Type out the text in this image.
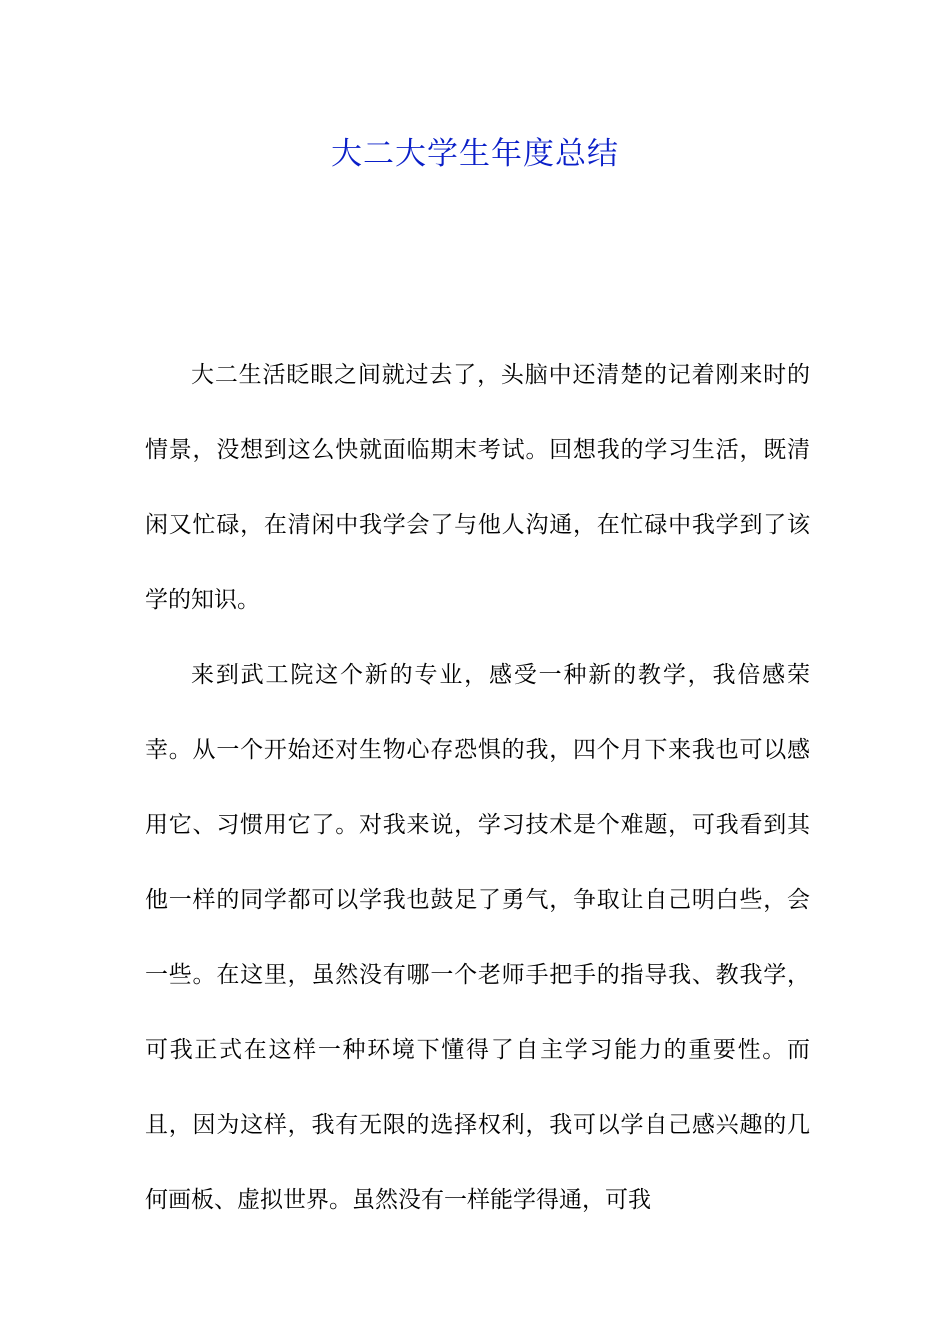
大二大学生年度总结

大二生活眨眼之间就过去了，头脑中还清楚的记着刚来时的情景，没想到这么快就面临期末考试。回想我的学习生活，既清闲又忙碌，在清闲中我学会了与他人沟通，在忙碌中我学到了该学的知识。

来到武工院这个新的专业，感受一种新的教学，我倍感荣幸。从一个开始还对生物心存恐惧的我，四个月下来我也可以感用它、习惯用它了。对我来说，学习技术是个难题，可我看到其他一样的同学都可以学我也鼓足了勇气，争取让自己明白些，会一些。在这里，虽然没有哪一个老师手把手的指导我、教我学，可我正式在这样一种环境下懂得了自主学习能力的重要性。而且，因为这样，我有无限的选择权利，我可以学自己感兴趣的几何画板、虚拟世界。虽然没有一样能学得通，可我
